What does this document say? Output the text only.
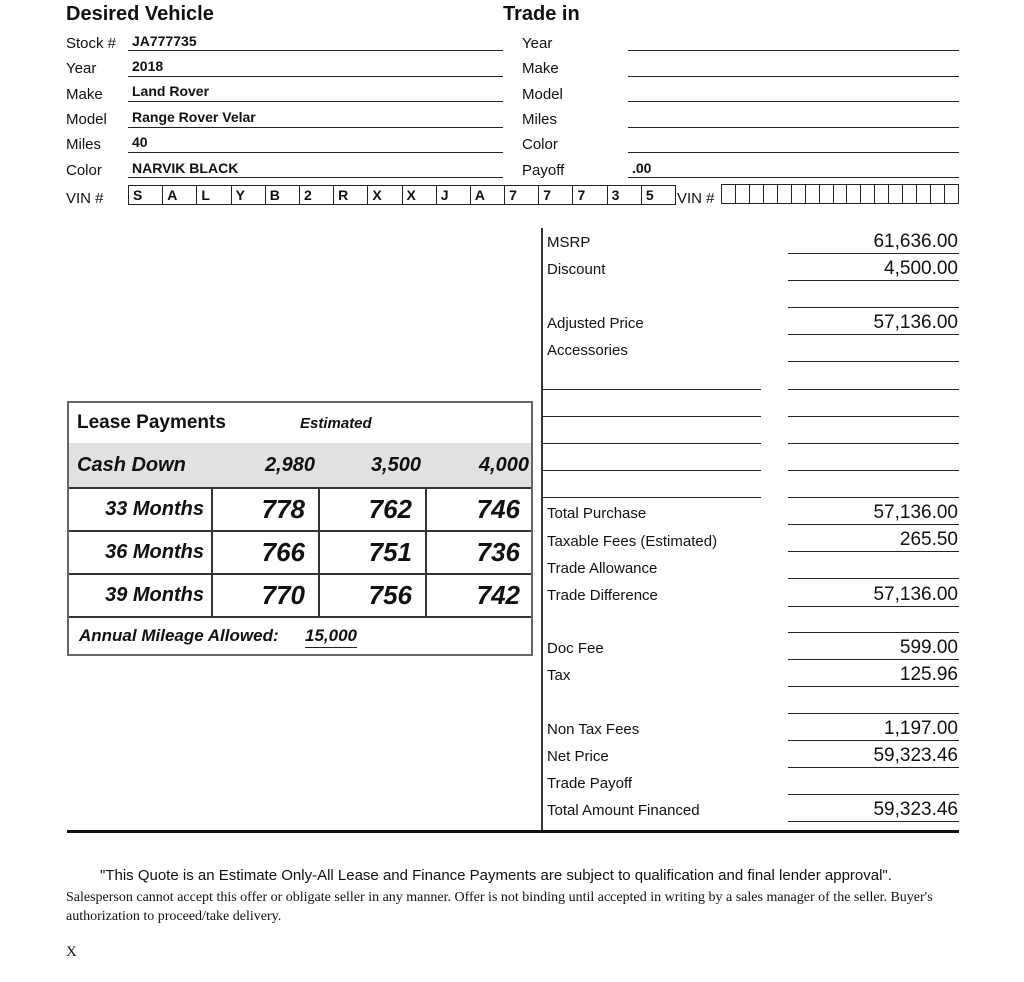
Desired Vehicle
Stock # JA777735
Year	2018
Make Land Rover
Model Range Rover Velar
Miles 40
Color NARVIK BLACK
VIN # S	A	L	Y	B	2	R	X	X	J	A	7	7	7	3	5
Trade in
Year
Make
Model
Miles
Color
Payoff	.00
VIN #
MSRP	61,636.00
Discount	4,500.00
Adjusted Price	57,136.00
Accessories
Total Purchase	57,136.00
Taxable Fees (Estimated)	265.50
Trade Allowance
Trade Difference	57,136.00
Doc Fee	599.00
Tax	125.96
Non Tax Fees	1,197.00
Net Price	59,323.46
Trade Payoff
Total Amount Financed	59,323.46
Lease Payments	Estimated
Cash Down	2,980	3,500	4,000
33 Months	778	762	746
36 Months	766	751	736
39 Months	770	756	742
Annual Mileage Allowed: 15,000
"This Quote is an Estimate Only-All Lease and Finance Payments are subject to qualification and final lender approval".
Salesperson cannot accept this offer or obligate seller in any manner. Offer is not binding until accepted in writing by a sales manager of the seller. Buyer's authorization to proceed/take delivery.
X
